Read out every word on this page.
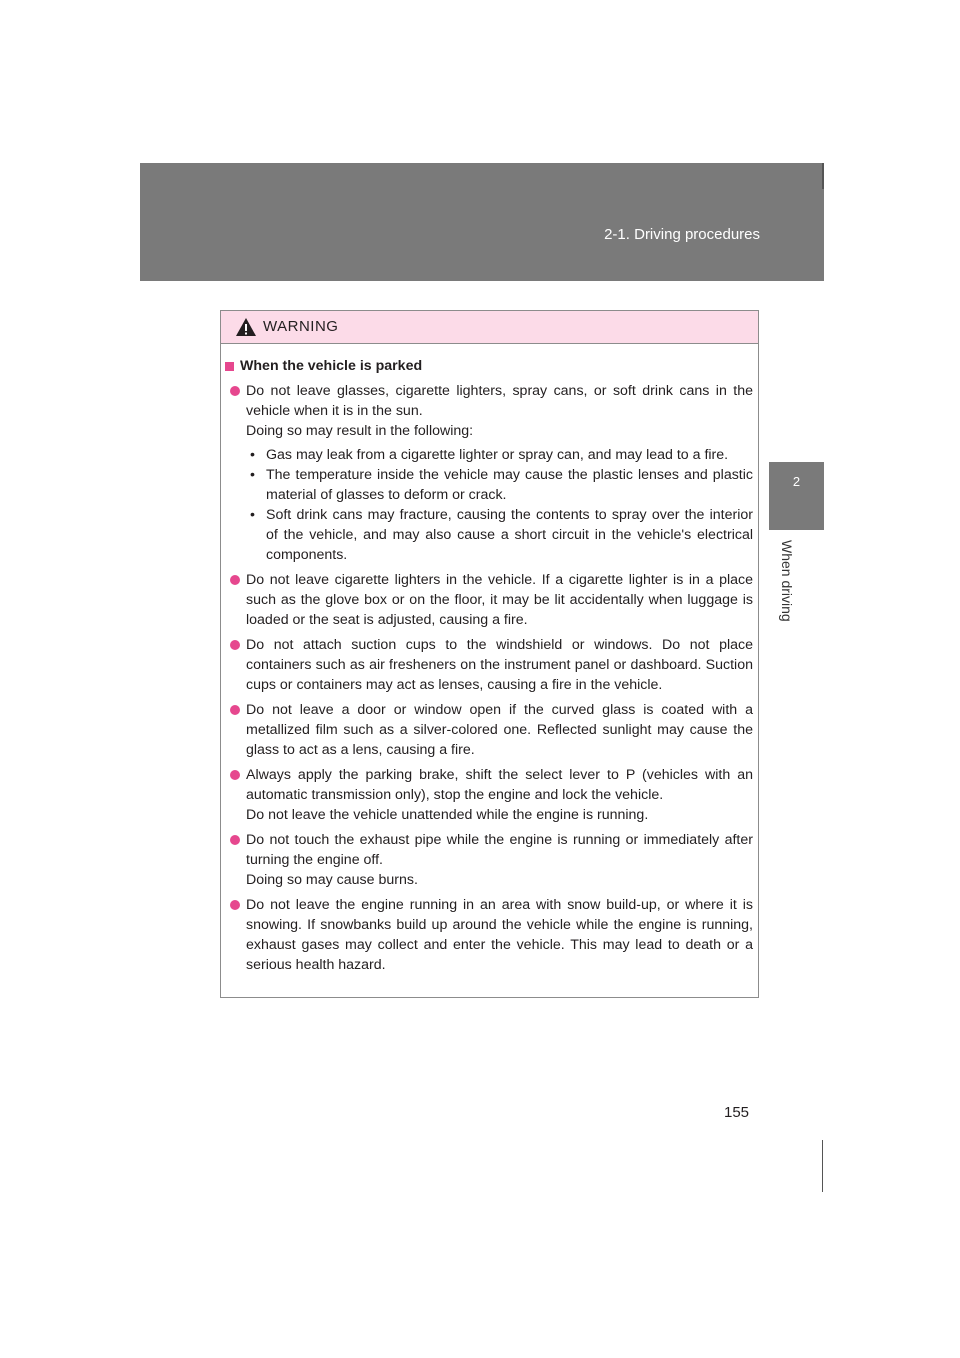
2-1. Driving procedures
2
When driving
WARNING
When the vehicle is parked
Do not leave glasses, cigarette lighters, spray cans, or soft drink cans in the vehicle when it is in the sun.
Doing so may result in the following:
• Gas may leak from a cigarette lighter or spray can, and may lead to a fire.
• The temperature inside the vehicle may cause the plastic lenses and plastic material of glasses to deform or crack.
• Soft drink cans may fracture, causing the contents to spray over the interior of the vehicle, and may also cause a short circuit in the vehicle's electrical components.
Do not leave cigarette lighters in the vehicle. If a cigarette lighter is in a place such as the glove box or on the floor, it may be lit accidentally when luggage is loaded or the seat is adjusted, causing a fire.
Do not attach suction cups to the windshield or windows. Do not place containers such as air fresheners on the instrument panel or dashboard. Suction cups or containers may act as lenses, causing a fire in the vehicle.
Do not leave a door or window open if the curved glass is coated with a metallized film such as a silver-colored one. Reflected sunlight may cause the glass to act as a lens, causing a fire.
Always apply the parking brake, shift the select lever to P (vehicles with an automatic transmission only), stop the engine and lock the vehicle.
Do not leave the vehicle unattended while the engine is running.
Do not touch the exhaust pipe while the engine is running or immediately after turning the engine off.
Doing so may cause burns.
Do not leave the engine running in an area with snow build-up, or where it is snowing. If snowbanks build up around the vehicle while the engine is running, exhaust gases may collect and enter the vehicle. This may lead to death or a serious health hazard.
155
